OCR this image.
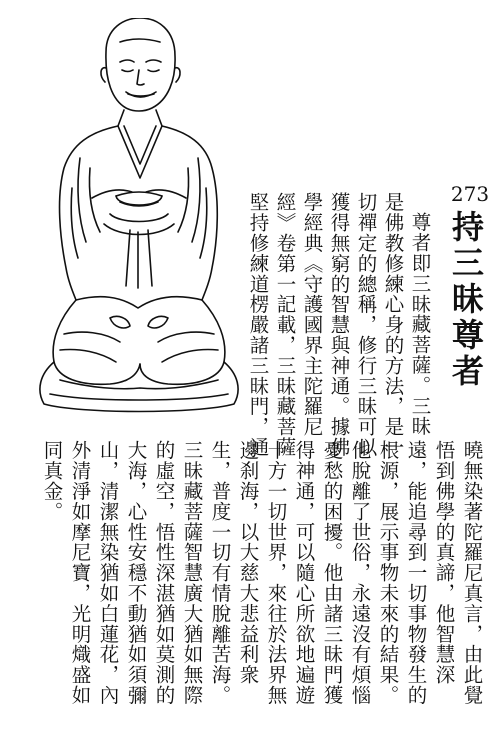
273
持三昧尊者
尊者即三昧藏菩薩。三昧
是佛教修練心身的方法，是一
切禪定的總稱，修行三昧可以
獲得無窮的智慧與神通。據佛
學經典《守護國界主陀羅尼
經》卷第一記載，三昧藏菩薩
堅持修練道楞嚴諸三昧門，通
曉無染著陀羅尼真言，由此覺
悟到佛學的真諦，他智慧深
遠，能追尋到一切事物發生的
根源，展示事物未來的結果。
他脫離了世俗，永遠沒有煩惱
憂愁的困擾。他由諸三昧門獲
得神通，可以隨心所欲地遍遊
十方一切世界，來往於法界無
邊刹海，以大慈大悲益利衆
生，普度一切有情脫離苦海。
三昧藏菩薩智慧廣大猶如無際
的虛空，悟性深湛猶如莫測的
大海，心性安穩不動猶如須彌
山，清潔無染猶如白蓮花，內
外清淨如摩尼寶，光明熾盛如
同真金。
